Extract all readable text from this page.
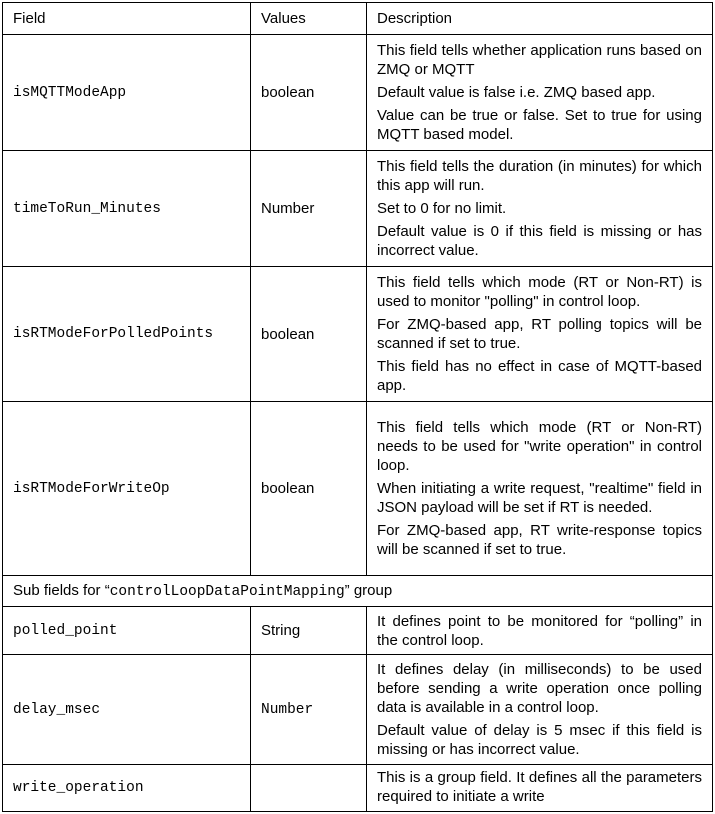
Field	Values	Description
isMQTTModeApp	boolean	This field tells whether application runs based on ZMQ or MQTT

Default value is false i.e. ZMQ based app.

Value can be true or false. Set to true for using MQTT based model.

timeToRun_Minutes	Number	This field tells the duration (in minutes) for which this app will run.

Set to 0 for no limit.

Default value is 0 if this field is missing or has incorrect value.

isRTModeForPolledPoints	boolean	This field tells which mode (RT or Non-RT) is used to monitor "polling" in control loop.

For ZMQ-based app, RT polling topics will be scanned if set to true.

This field has no effect in case of MQTT-based app.

isRTModeForWriteOp	boolean	This field tells which mode (RT or Non-RT) needs to be used for "write operation" in control loop.

When initiating a write request, "realtime" field in JSON payload will be set if RT is needed.

For ZMQ-based app, RT write-response topics will be scanned if set to true.

Sub fields for “controlLoopDataPointMapping” group		
polled_point	String	It defines point to be monitored for “polling” in the control loop.

delay_msec	Number	It defines delay (in milliseconds) to be used before sending a write operation once polling data is available in a control loop.

Default value of delay is 5 msec if this field is missing or has incorrect value.

write_operation		This is a group field. It defines all the parameters required to initiate a write
